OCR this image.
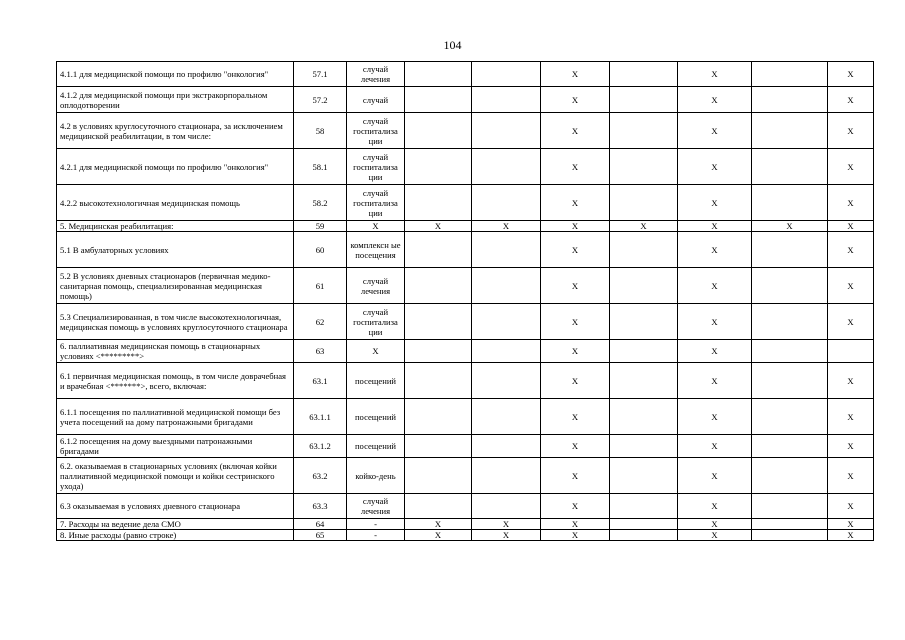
104
4.1.1 для медицинской помощи по профилю "онкология"	57.1	случай лечения			X		X		X
4.1.2 для медицинской помощи при экстракорпоральном оплодотворении	57.2	случай			X		X		X
4.2 в условиях круглосуточного стационара, за исключением медицинской реабилитации, в том числе:	58	случай госпитализа ции			X		X		X
4.2.1 для медицинской помощи по профилю "онкология"	58.1	случай госпитализа ции			X		X		X
4.2.2 высокотехнологичная медицинская помощь	58.2	случай госпитализа ции			X		X		X
5. Медицинская реабилитация:	59	X	X	X	X	X	X	X	X
5.1 В амбулаторных условиях	60	комплексн ые посещения			X		X		X
5.2 В условиях дневных стационаров (первичная медико-санитарная помощь, специализированная медицинская помощь)	61	случай лечения			X		X		X
5.3 Специализированная, в том числе высокотехнологичная, медицинская помощь в условиях круглосуточного стационара	62	случай госпитализа ции			X		X		X
6. паллиативная медицинская помощь в стационарных условиях <*********>	63	X			X		X		
6.1 первичная медицинская помощь, в том числе доврачебная и врачебная <*******>, всего, включая:	63.1	посещений			X		X		X
6.1.1 посещения по паллиативной медицинской помощи без учета посещений на дому патронажными бригадами	63.1.1	посещений			X		X		X
6.1.2 посещения на дому выездными патронажными бригадами	63.1.2	посещений			X		X		X
6.2. оказываемая в стационарных условиях (включая койки паллиативной медицинской помощи и койки сестринского ухода)	63.2	койко-день			X		X		X
6.3 оказываемая в условиях дневного стационара	63.3	случай лечения			X		X		X
7. Расходы на ведение дела СМО	64	-	X	X	X		X		X
8. Иные расходы (равно строке)	65	-	X	X	X		X		X
